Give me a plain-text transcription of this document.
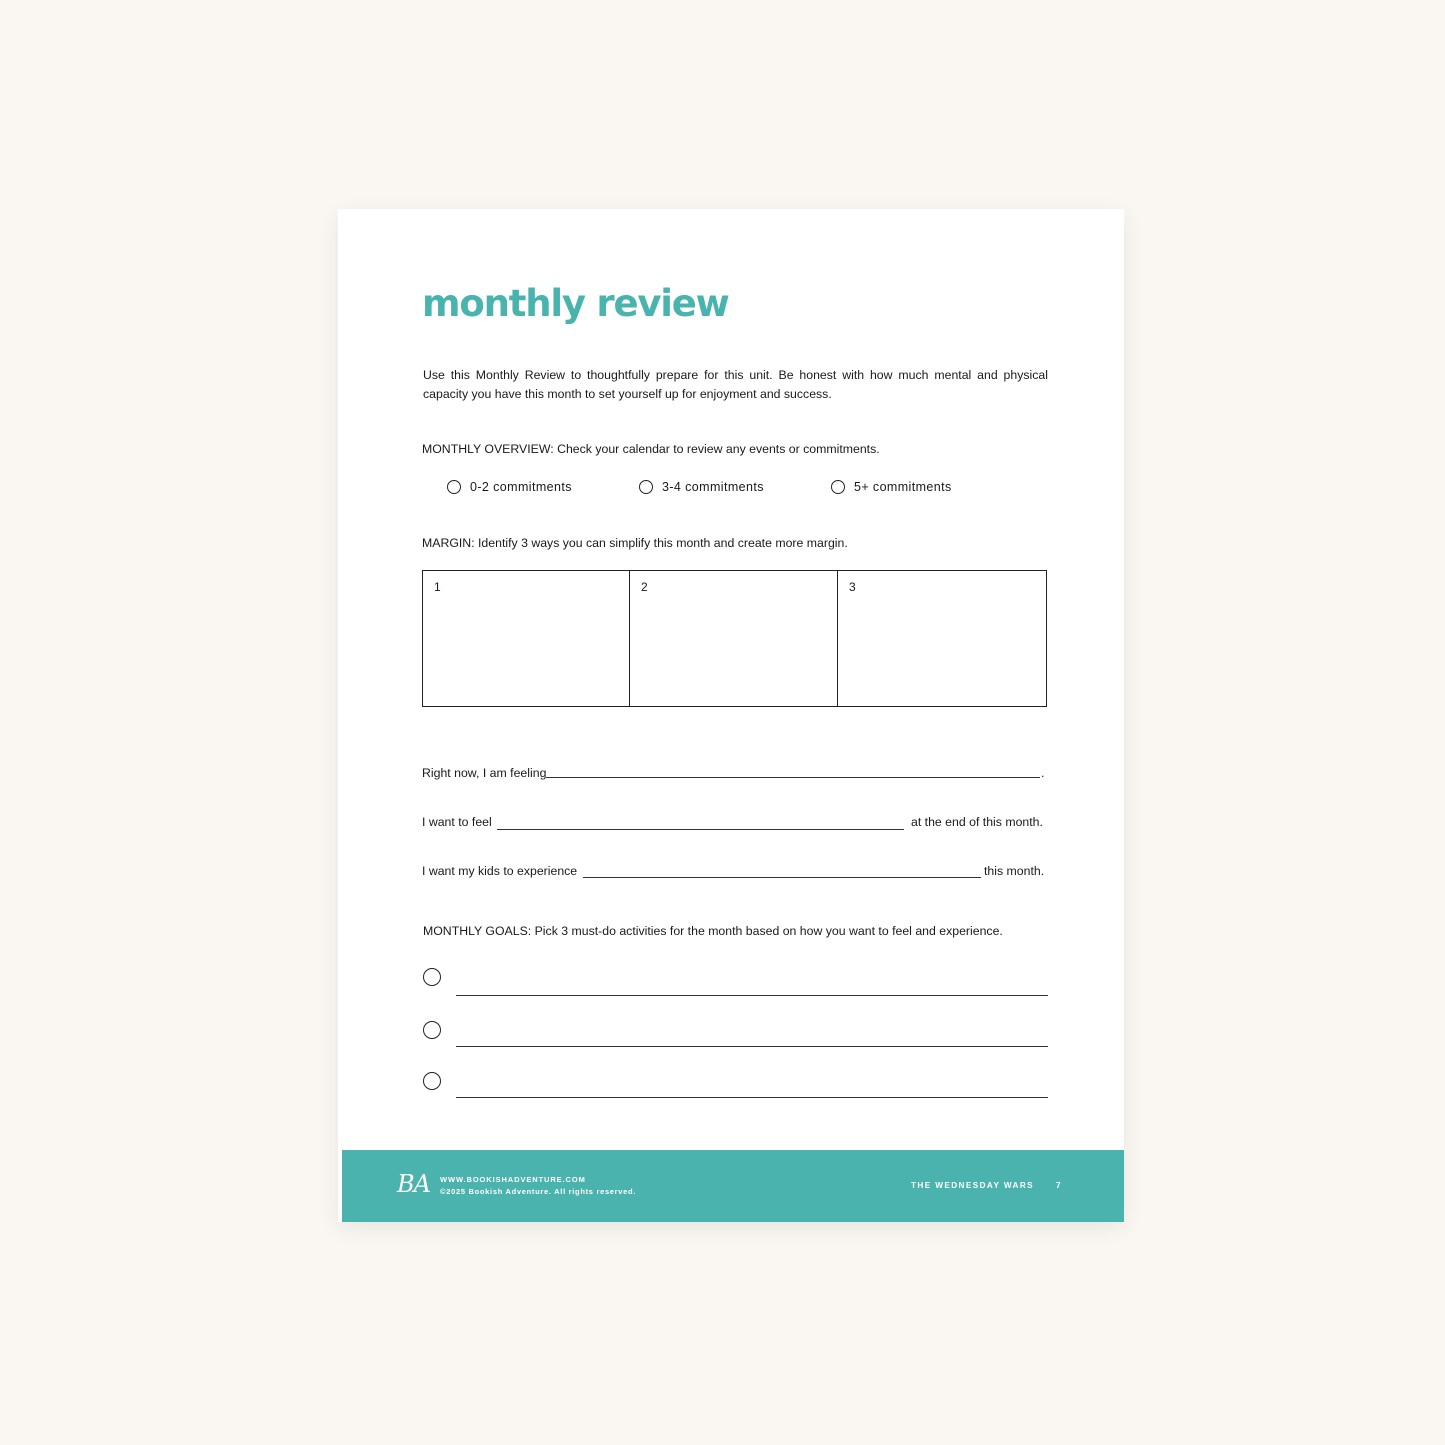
monthly review

Use this Monthly Review to thoughtfully prepare for this unit. Be honest with how much mental and physical capacity you have this month to set yourself up for enjoyment and success.

MONTHLY OVERVIEW: Check your calendar to review any events or commitments.
0-2 commitments	3-4 commitments	5+ commitments
MARGIN: Identify 3 ways you can simplify this month and create more margin.
1	2	3
Right now, I am feeling	.
I want to feel	at the end of this month.
I want my kids to experience	this month.
MONTHLY GOALS: Pick 3 must-do activities for the month based on how you want to feel and experience.
BA WWW.BOOKISHADVENTURE.COM
©2025 Bookish Adventure. All rights reserved.
THE WEDNESDAY WARS	7
